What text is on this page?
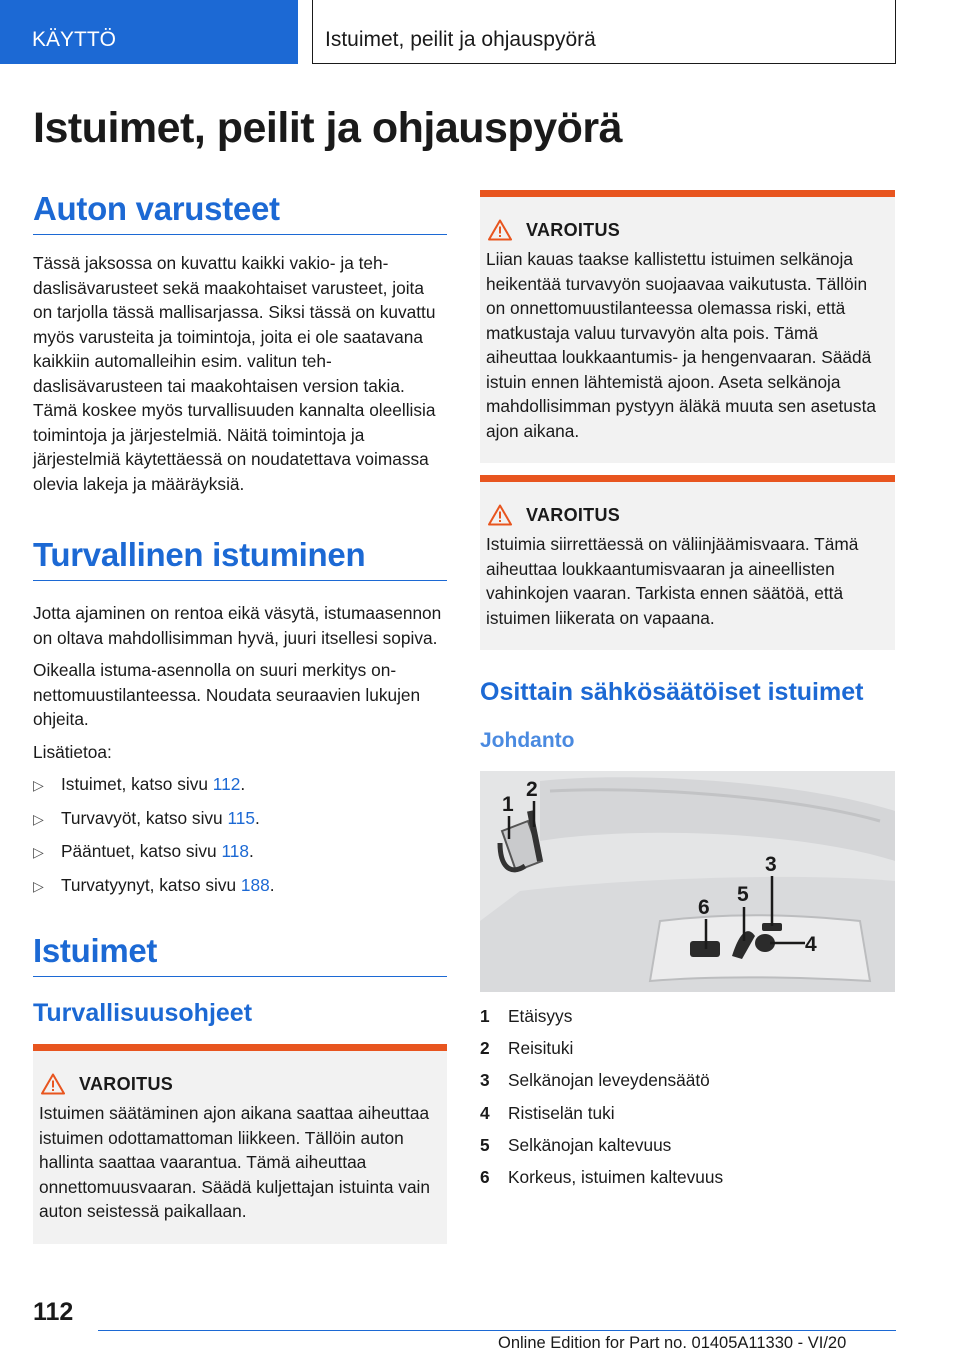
KÄYTTÖ	Istuimet, peilit ja ohjauspyörä
Istuimet, peilit ja ohjauspyörä
Auton varusteet

Tässä jaksossa on kuvattu kaikki vakio- ja tehdaslisävarusteet sekä maakohtaiset varusteet, joita on tarjolla tässä mallisarjassa. Siksi tässä on kuvattu myös varusteita ja toimintoja, joita ei ole saatavana kaikkiin automalleihin esim. valitun tehdaslisävarusteen tai maakohtaisen version takia. Tämä koskee myös turvallisuuden kannalta oleellisia toimintoja ja järjestelmiä. Näitä toimintoja ja järjestelmiä käytettäessä on noudatettava voimassa olevia lakeja ja määräyksiä.

Turvallinen istuminen

Jotta ajaminen on rentoa eikä väsytä, istumaasennon on oltava mahdollisimman hyvä, juuri itsellesi sopiva.

Oikealla istuma-asennolla on suuri merkitys onnettomuustilanteessa. Noudata seuraavien lukujen ohjeita.

Lisätietoa:

▷ Istuimet, katso sivu 112.
▷ Turvavyöt, katso sivu 115.
▷ Pääntuet, katso sivu 118.
▷ Turvatyynyt, katso sivu 188.
Istuimet
Turvallisuusohjeet
VAROITUS

Istuimen säätäminen ajon aikana saattaa aiheuttaa istuimen odottamattoman liikkeen. Tällöin auton hallinta saattaa vaarantua. Tämä aiheuttaa onnettomuusvaaran. Säädä kuljettajan istuinta vain auton seistessä paikallaan.

VAROITUS

Liian kauas taakse kallistettu istuimen selkänoja heikentää turvavyön suojaavaa vaikutusta. Tällöin on onnettomuustilanteessa olemassa riski, että matkustaja valuu turvavyön alta pois. Tämä aiheuttaa loukkaantumis- ja hengenvaaran. Säädä istuin ennen lähtemistä ajoon. Aseta selkänoja mahdollisimman pystyyn äläkä muuta sen asetusta ajon aikana.

VAROITUS

Istuimia siirrettäessä on väliinjäämisvaara. Tämä aiheuttaa loukkaantumisvaaran ja aineellisten vahinkojen vaaran. Tarkista ennen säätöä, että istuimen liikerata on vapaana.

Osittain sähkösäätöiset istuimet
Johdanto
1
2
3
4
5
6
1	Etäisyys
2	Reisituki
3	Selkänojan leveydensäätö
4	Ristiselän tuki
5	Selkänojan kaltevuus
6	Korkeus, istuimen kaltevuus
112
Online Edition for Part no. 01405A11330 - VI/20
